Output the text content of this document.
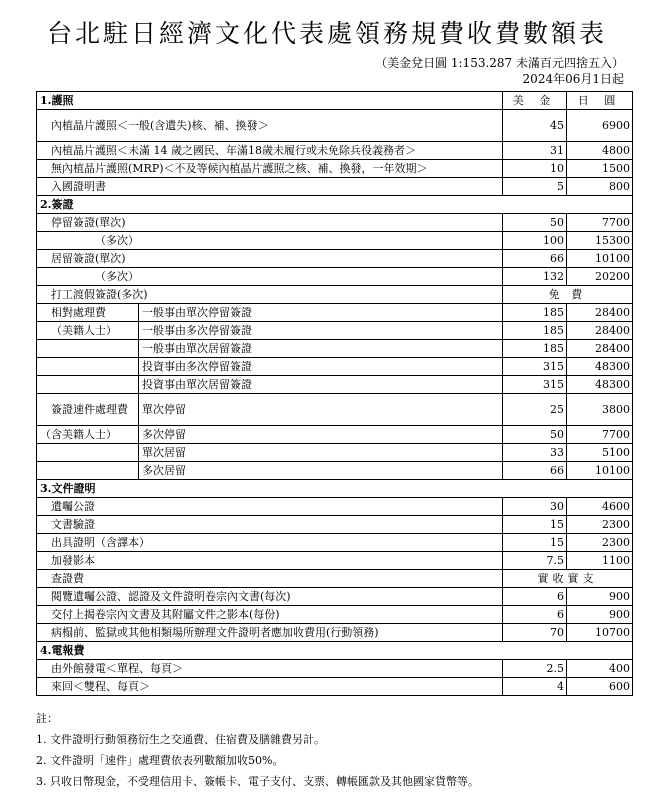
台北駐日經濟文化代表處領務規費收費數額表
（美金兌日圓 1:153.287 未滿百元四捨五入）
2024年06月1日起
1.護照		美 金	日 圓
內植晶片護照＜一般(含遺失)核、補、換發＞		45	6900
內植晶片護照＜未滿 14 歲之國民、年滿18歲未履行或未免除兵役義務者＞		31	4800
無內植晶片護照(MRP)＜不及等候內植晶片護照之核、補、換發，一年效期＞		10	1500
入國證明書		5	800
2.簽證			
停留簽證(單次)		50	7700
（多次）		100	15300
居留簽證(單次)		66	10100
（多次）		132	20200
打工渡假簽證(多次)		免 費	
相對處理費	一般事由單次停留簽證	185	28400
（美籍人士）	一般事由多次停留簽證	185	28400
	一般事由單次居留簽證	185	28400
	投資事由多次停留簽證	315	48300
	投資事由單次居留簽證	315	48300
簽證速件處理費	單次停留	25	3800
（含美籍人士）	多次停留	50	7700
	單次居留	33	5100
	多次居留	66	10100
3.文件證明			
遺囑公證		30	4600
文書驗證		15	2300
出具證明（含譯本）		15	2300
加發影本		7.5	1100
查證費		實收實支	
閱覽遺囑公證、認證及文件證明卷宗內文書(每次)		6	900
交付上揭卷宗內文書及其附屬文件之影本(每份)		6	900
病榻前、監獄或其他相類場所辦理文件證明者應加收費用(行動領務)		70	10700
4.電報費			
由外館發電＜單程、每頁＞		2.5	400
來回＜雙程、每頁＞		4	600
註：
1. 文件證明行動領務衍生之交通費、住宿費及膳雜費另計。
2. 文件證明「速件」處理費依表列數額加收50%。
3. 只收日幣現金，不受理信用卡、簽帳卡、電子支付、支票、轉帳匯款及其他國家貨幣等。
